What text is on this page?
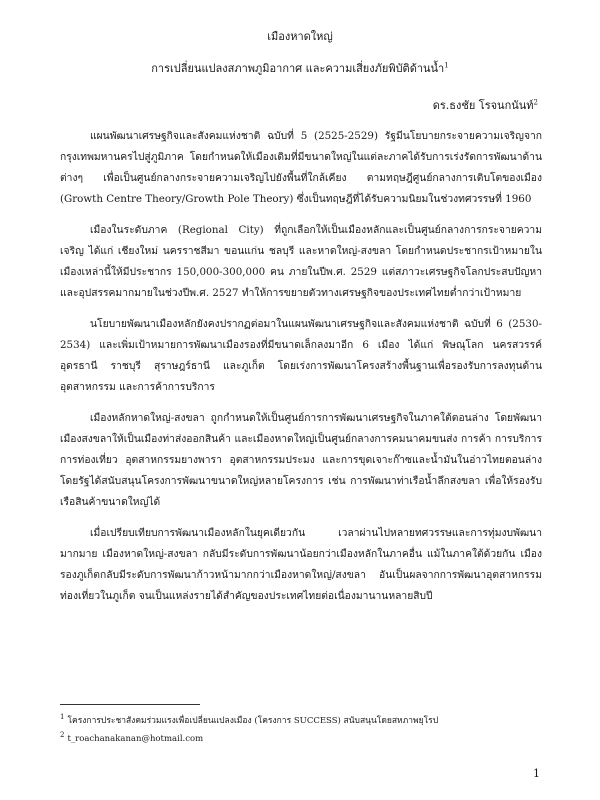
เมืองหาดใหญ่
การเปลี่ยนแปลงสภาพภูมิอากาศ และความเสี่ยงภัยพิบัติด้านน้ำ$^1$
ดร.ธงชัย โรจนกนันท์$^2$

แผนพัฒนาเศรษฐกิจและสังคมแห่งชาติ ฉบับที่ 5 (2525-2529) รัฐมีนโยบายกระจายความเจริญจากกรุงเทพมหานครไปสู่ภูมิภาค โดยกำหนดให้เมืองเดิมที่มีขนาดใหญ่ในแต่ละภาคได้รับการเร่งรัดการพัฒนาด้านต่างๆ เพื่อเป็นศูนย์กลางกระจายความเจริญไปยังพื้นที่ใกล้เคียง ตามทฤษฎีศูนย์กลางการเติบโตของเมือง (Growth Centre Theory/Growth Pole Theory) ซึ่งเป็นทฤษฎีที่ได้รับความนิยมในช่วงทศวรรษที่ 1960

เมืองในระดับภาค (Regional City) ที่ถูกเลือกให้เป็นเมืองหลักและเป็นศูนย์กลางการกระจายความเจริญ ได้แก่ เชียงใหม่ นครราชสีมา ขอนแก่น ชลบุรี และหาดใหญ่-สงขลา โดยกำหนดประชากรเป้าหมายในเมืองเหล่านี้ให้มีประชากร 150,000-300,000 คน ภายในปีพ.ศ. 2529 แต่สภาวะเศรษฐกิจโลกประสบปัญหาและอุปสรรคมากมายในช่วงปีพ.ศ. 2527 ทำให้การขยายตัวทางเศรษฐกิจของประเทศไทยต่ำกว่าเป้าหมาย

นโยบายพัฒนาเมืองหลักยังคงปรากฏต่อมาในแผนพัฒนาเศรษฐกิจและสังคมแห่งชาติ ฉบับที่ 6 (2530-2534) และเพิ่มเป้าหมายการพัฒนาเมืองรองที่มีขนาดเล็กลงมาอีก 6 เมือง ได้แก่ พิษณุโลก นครสวรรค์ อุดรธานี ราชบุรี สุราษฎร์ธานี และภูเก็ต โดยเร่งการพัฒนาโครงสร้างพื้นฐานเพื่อรองรับการลงทุนด้านอุตสาหกรรม และการค้าการบริการ

เมืองหลักหาดใหญ่-สงขลา ถูกกำหนดให้เป็นศูนย์การการพัฒนาเศรษฐกิจในภาคใต้ตอนล่าง โดยพัฒนาเมืองสงขลาให้เป็นเมืองท่าส่งออกสินค้า และเมืองหาดใหญ่เป็นศูนย์กลางการคมนาคมขนส่ง การค้า การบริการ การท่องเที่ยว อุตสาหกรรมยางพารา อุตสาหกรรมประมง และการขุดเจาะก๊าซและน้ำมันในอ่าวไทยตอนล่าง โดยรัฐได้สนับสนุนโครงการพัฒนาขนาดใหญ่หลายโครงการ เช่น การพัฒนาท่าเรือน้ำลึกสงขลา เพื่อให้รองรับเรือสินค้าขนาดใหญ่ได้

เมื่อเปรียบเทียบการพัฒนาเมืองหลักในยุคเดียวกัน เวลาผ่านไปหลายทศวรรษและการทุ่มงบพัฒนามากมาย เมืองหาดใหญ่-สงขลา กลับมีระดับการพัฒนาน้อยกว่าเมืองหลักในภาคอื่น แม้ในภาคใต้ด้วยกัน เมืองรองภูเก็ตกลับมีระดับการพัฒนาก้าวหน้ามากกว่าเมืองหาดใหญ่/สงขลา อันเป็นผลจากการพัฒนาอุตสาหกรรมท่องเที่ยวในภูเก็ต จนเป็นแหล่งรายได้สำคัญของประเทศไทยต่อเนื่องมานานหลายสิบปี

$^1$ โครงการประชาสังคมร่วมแรงเพื่อเปลี่ยนแปลงเมือง (โครงการ SUCCESS) สนับสนุนโดยสหภาพยุโรป
$^2$ t_roachanakanan@hotmail.com
1
